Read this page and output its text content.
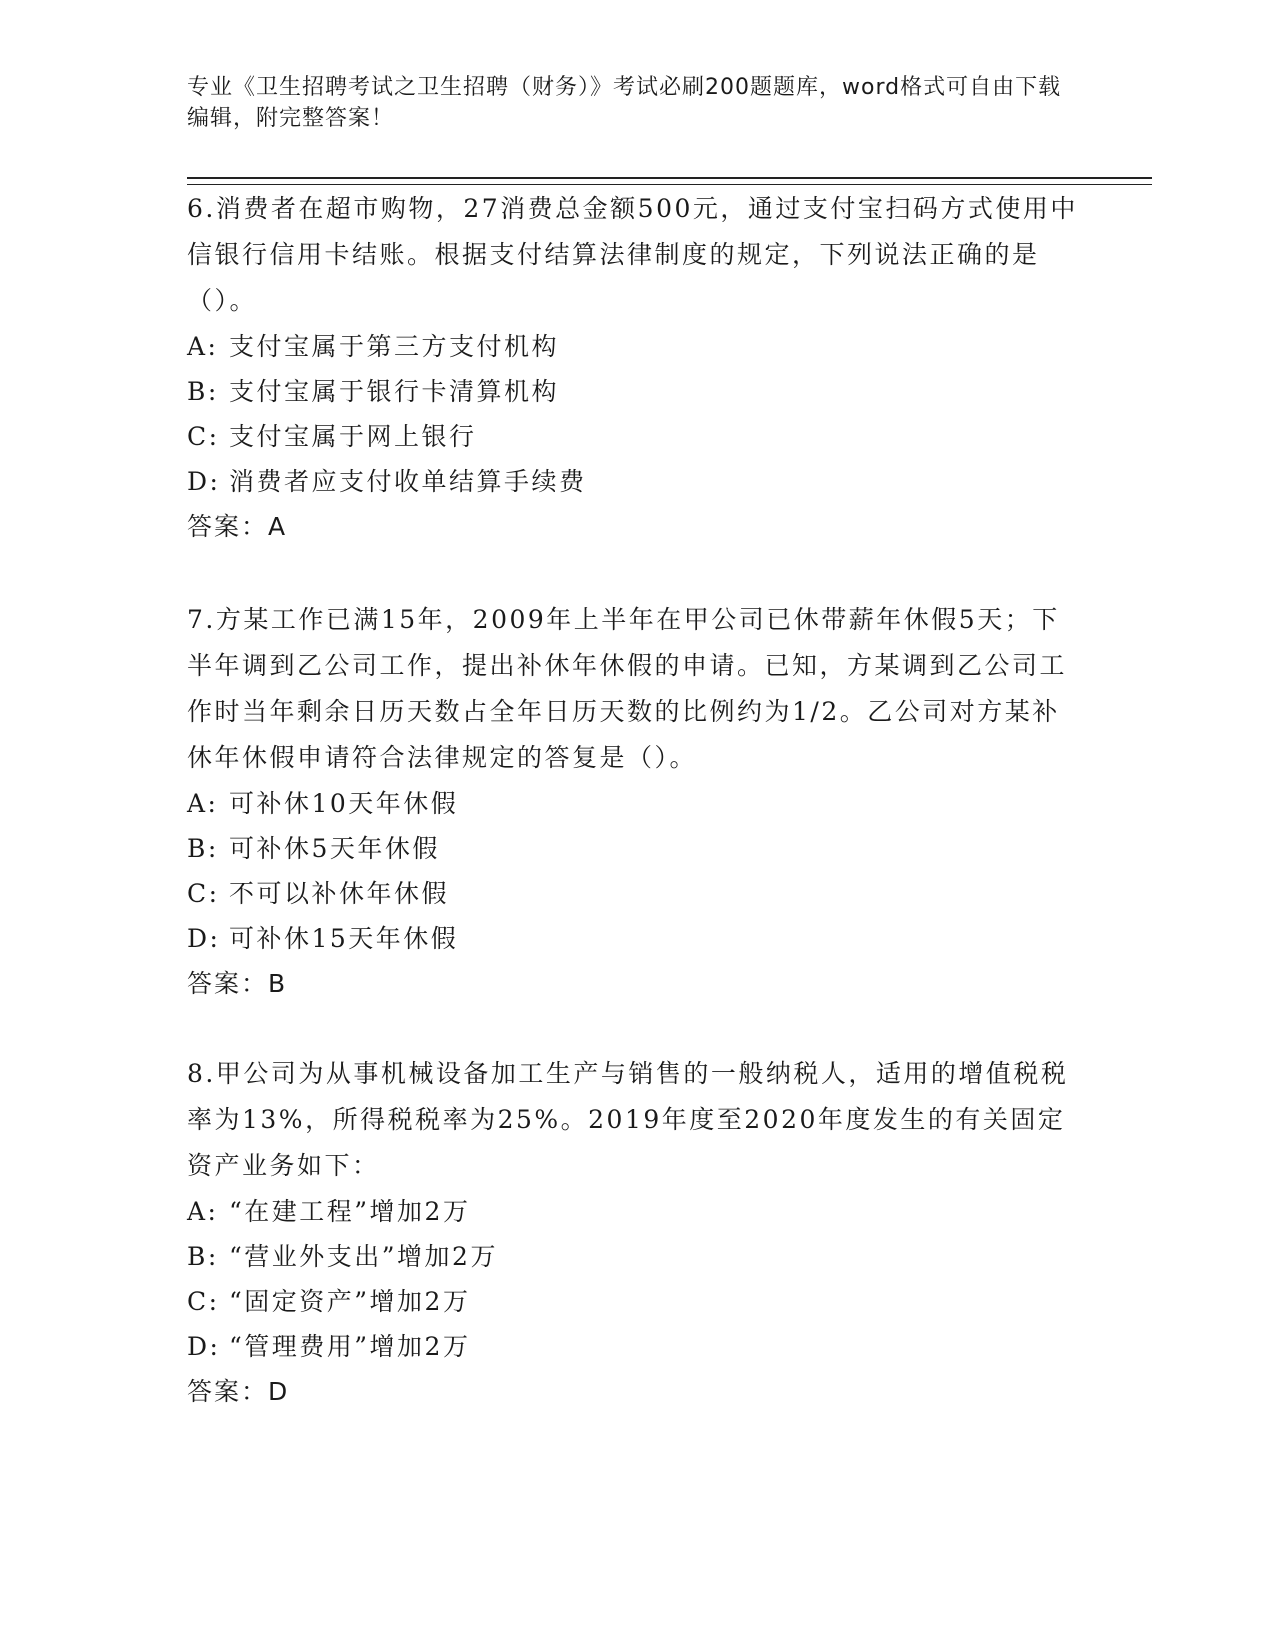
专业《卫生招聘考试之卫生招聘（财务）》考试必刷200题题库，word格式可自由下载编辑，附完整答案！

6.消费者在超市购物，27消费总金额500元，通过支付宝扫码方式使用中信银行信用卡结账。根据支付结算法律制度的规定，下列说法正确的是（）。

A: 支付宝属于第三方支付机构

B: 支付宝属于银行卡清算机构

C: 支付宝属于网上银行

D: 消费者应支付收单结算手续费

答案：A

7.方某工作已满15年，2009年上半年在甲公司已休带薪年休假5天；下半年调到乙公司工作，提出补休年休假的申请。已知，方某调到乙公司工作时当年剩余日历天数占全年日历天数的比例约为1/2。乙公司对方某补休年休假申请符合法律规定的答复是（）。

A: 可补休10天年休假

B: 可补休5天年休假

C: 不可以补休年休假

D: 可补休15天年休假

答案：B

8.甲公司为从事机械设备加工生产与销售的一般纳税人，适用的增值税税率为13%，所得税税率为25%。2019年度至2020年度发生的有关固定资产业务如下：

A: “在建工程”增加2万

B: “营业外支出”增加2万

C: “固定资产”增加2万

D: “管理费用”增加2万

答案：D
